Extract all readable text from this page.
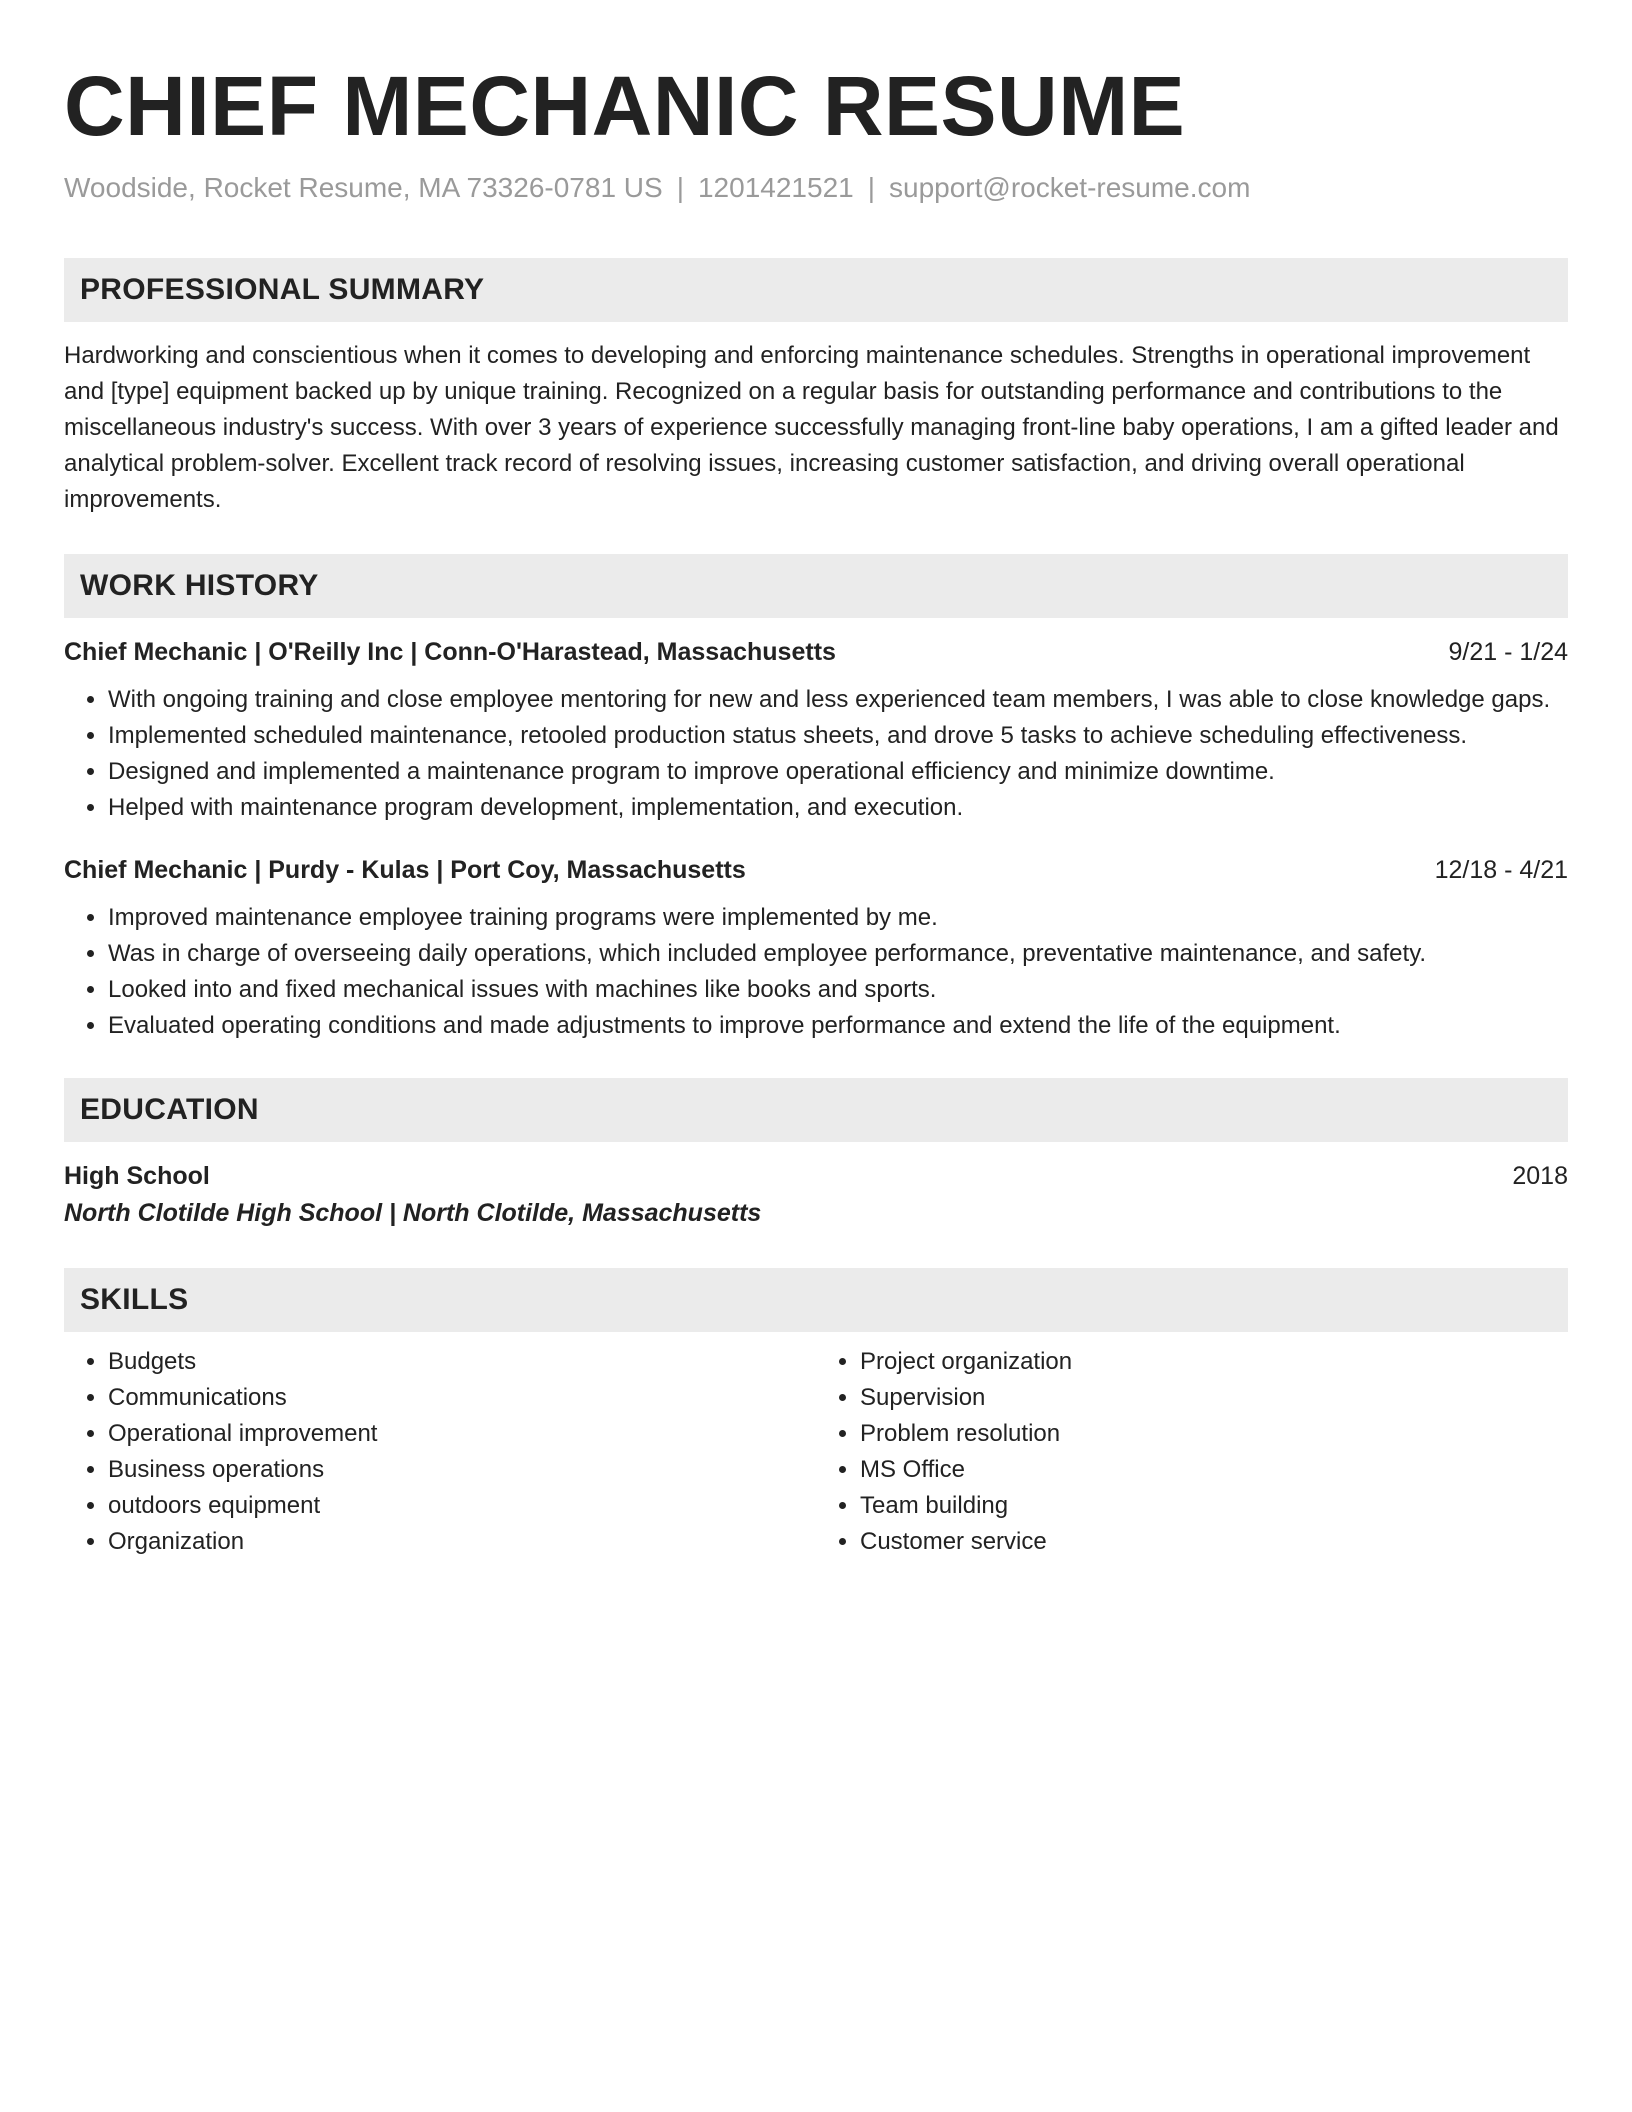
CHIEF MECHANIC RESUME
Woodside, Rocket Resume, MA 73326-0781 US | 1201421521 | support@rocket-resume.com
PROFESSIONAL SUMMARY
Hardworking and conscientious when it comes to developing and enforcing maintenance schedules. Strengths in operational improvement and [type] equipment backed up by unique training. Recognized on a regular basis for outstanding performance and contributions to the miscellaneous industry's success. With over 3 years of experience successfully managing front-line baby operations, I am a gifted leader and analytical problem-solver. Excellent track record of resolving issues, increasing customer satisfaction, and driving overall operational improvements.
WORK HISTORY
Chief Mechanic | O'Reilly Inc | Conn-O'Harastead, Massachusetts	9/21 - 1/24
• With ongoing training and close employee mentoring for new and less experienced team members, I was able to close knowledge gaps.
• Implemented scheduled maintenance, retooled production status sheets, and drove 5 tasks to achieve scheduling effectiveness.
• Designed and implemented a maintenance program to improve operational efficiency and minimize downtime.
• Helped with maintenance program development, implementation, and execution.
Chief Mechanic | Purdy - Kulas | Port Coy, Massachusetts	12/18 - 4/21
• Improved maintenance employee training programs were implemented by me.
• Was in charge of overseeing daily operations, which included employee performance, preventative maintenance, and safety.
• Looked into and fixed mechanical issues with machines like books and sports.
• Evaluated operating conditions and made adjustments to improve performance and extend the life of the equipment.
EDUCATION
High School	2018
North Clotilde High School | North Clotilde, Massachusetts
SKILLS
• Budgets
• Communications
• Operational improvement
• Business operations
• outdoors equipment
• Organization
• Project organization
• Supervision
• Problem resolution
• MS Office
• Team building
• Customer service
